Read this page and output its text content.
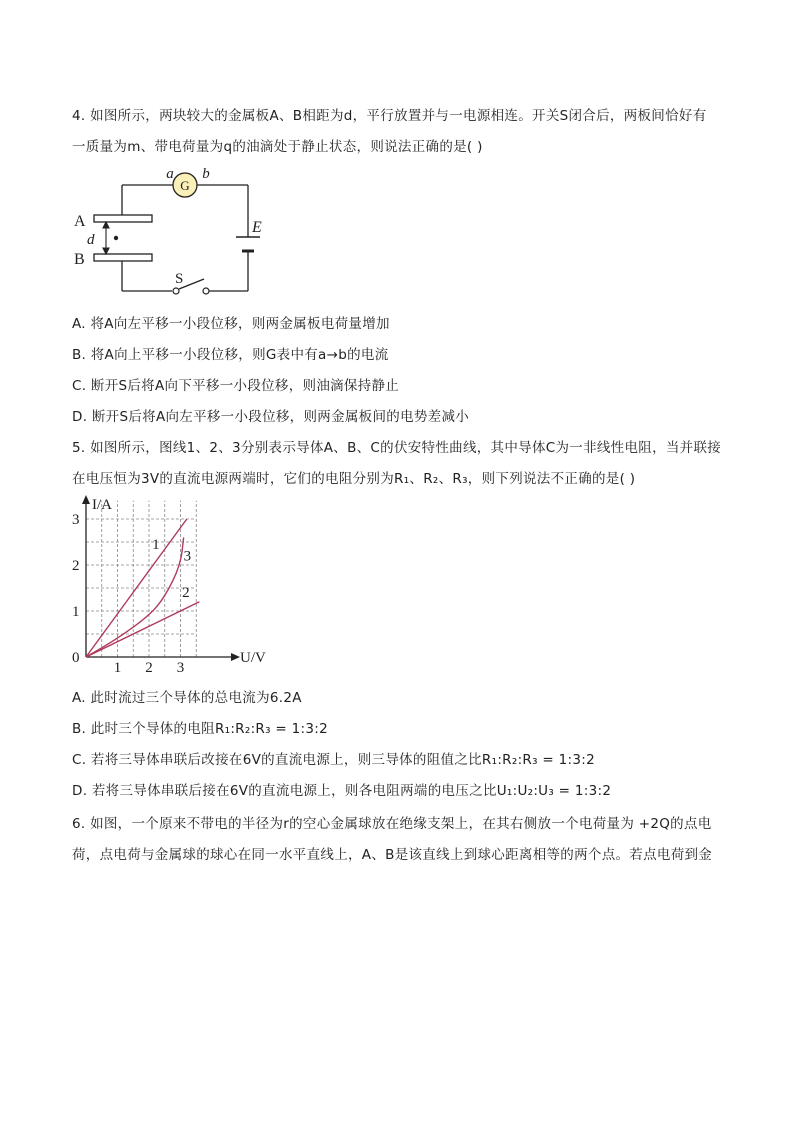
4. 如图所示，两块较大的金属板A、B相距为d，平行放置并与一电源相连。开关S闭合后，两板间恰好有
一质量为m、带电荷量为q的油滴处于静止状态，则说法正确的是( )
G
a b
A
B
d
E
S
A. 将A向左平移一小段位移，则两金属板电荷量增加
B. 将A向上平移一小段位移，则G表中有a→b的电流
C. 断开S后将A向下平移一小段位移，则油滴保持静止
D. 断开S后将A向左平移一小段位移，则两金属板间的电势差减小
5. 如图所示，图线1、2、3分别表示导体A、B、C的伏安特性曲线，其中导体C为一非线性电阻，当并联接
在电压恒为3V的直流电源两端时，它们的电阻分别为R₁、R₂、R₃，则下列说法不正确的是( )
1
2
3
1 2 3
1
2
3
I/A
U/V
0
A. 此时流过三个导体的总电流为6.2A
B. 此时三个导体的电阻R₁:R₂:R₃ = 1:3:2
C. 若将三导体串联后改接在6V的直流电源上，则三导体的阻值之比R₁:R₂:R₃ = 1:3:2
D. 若将三导体串联后接在6V的直流电源上，则各电阻两端的电压之比U₁:U₂:U₃ = 1:3:2
6. 如图，一个原来不带电的半径为r的空心金属球放在绝缘支架上，在其右侧放一个电荷量为 +2Q的点电
荷，点电荷与金属球的球心在同一水平直线上，A、B是该直线上到球心距离相等的两个点。若点电荷到金
